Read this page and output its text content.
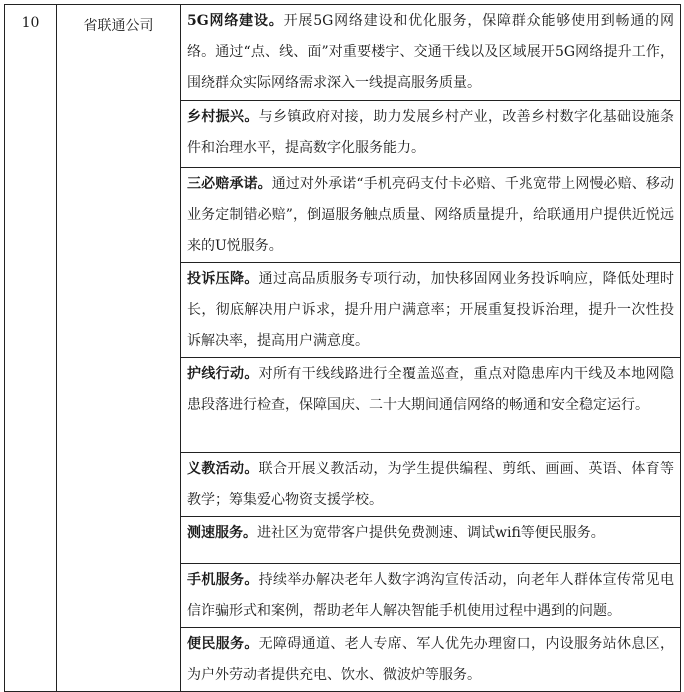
10	省联通公司	5G网络建设。开展5G网络建设和优化服务，保障群众能够使用到畅通的网络。通过“点、线、面”对重要楼宇、交通干线以及区域展开5G网络提升工作，围绕群众实际网络需求深入一线提高服务质量。

乡村振兴。与乡镇政府对接，助力发展乡村产业，改善乡村数字化基础设施条件和治理水平，提高数字化服务能力。

三必赔承诺。通过对外承诺“手机亮码支付卡必赔、千兆宽带上网慢必赔、移动业务定制错必赔”，倒逼服务触点质量、网络质量提升，给联通用户提供近悦远来的U悦服务。

投诉压降。通过高品质服务专项行动，加快移固网业务投诉响应，降低处理时长，彻底解决用户诉求，提升用户满意率；开展重复投诉治理，提升一次性投诉解决率，提高用户满意度。

护线行动。对所有干线线路进行全覆盖巡查，重点对隐患库内干线及本地网隐患段落进行检查，保障国庆、二十大期间通信网络的畅通和安全稳定运行。

义教活动。联合开展义教活动，为学生提供编程、剪纸、画画、英语、体育等教学；筹集爱心物资支援学校。

测速服务。进社区为宽带客户提供免费测速、调试wifi等便民服务。

手机服务。持续举办解决老年人数字鸿沟宣传活动，向老年人群体宣传常见电信诈骗形式和案例，帮助老年人解决智能手机使用过程中遇到的问题。

便民服务。无障碍通道、老人专席、军人优先办理窗口，内设服务站休息区，为户外劳动者提供充电、饮水、微波炉等服务。
